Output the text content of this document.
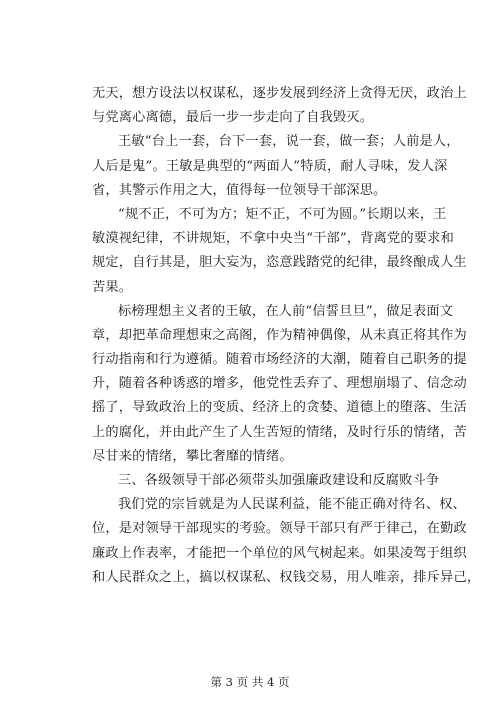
无天，想方设法以权谋私，逐步发展到经济上贪得无厌，政治上
与党离心离德，最后一步一步走向了自我毁灭。
王敏“台上一套，台下一套，说一套，做一套；人前是人，
人后是鬼”。王敏是典型的“两面人”特质，耐人寻味，发人深
省，其警示作用之大，值得每一位领导干部深思。
“规不正，不可为方；矩不正，不可为圆。”长期以来，王
敏漠视纪律，不讲规矩，不拿中央当“干部”，背离党的要求和
规定，自行其是，胆大妄为，恣意践踏党的纪律，最终酿成人生
苦果。
标榜理想主义者的王敏，在人前“信誓旦旦”，做足表面文
章，却把革命理想束之高阁，作为精神偶像，从未真正将其作为
行动指南和行为遵循。随着市场经济的大潮，随着自己职务的提
升，随着各种诱惑的增多，他党性丢弃了、理想崩塌了、信念动
摇了，导致政治上的变质、经济上的贪婪、道德上的堕落、生活
上的腐化，并由此产生了人生苦短的情绪，及时行乐的情绪，苦
尽甘来的情绪，攀比奢靡的情绪。
三、各级领导干部必须带头加强廉政建设和反腐败斗争
我们党的宗旨就是为人民谋利益，能不能正确对待名、权、
位，是对领导干部现实的考验。领导干部只有严于律己，在勤政
廉政上作表率，才能把一个单位的风气树起来。如果凌驾于组织
和人民群众之上，搞以权谋私、权钱交易，用人唯亲，排斥异己，
第 3 页 共 4 页
